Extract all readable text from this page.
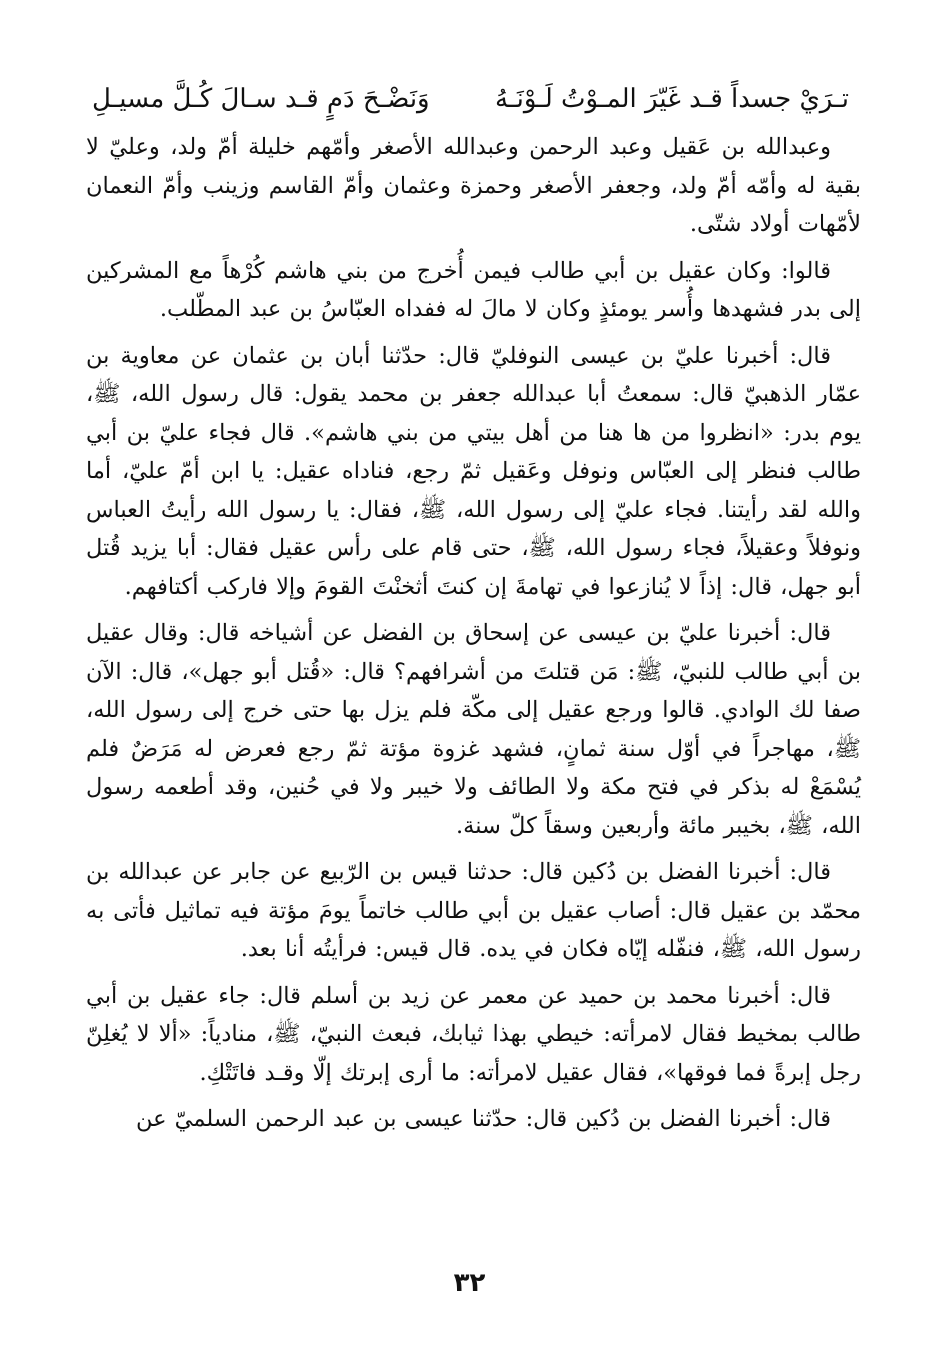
تـرَيْ جسداً قـد غَيّرَ المـوْتُ لَـوْنَـهُ
وَنَضْـحَ دَمٍ قـد سـالَ كُـلَّ مسيـلِ

وعبدالله بن عَقيل وعبد الرحمن وعبدالله الأصغر وأمّهم خليلة أمّ ولد، وعليّ لا بقية له وأمّه أمّ ولد، وجعفر الأصغر وحمزة وعثمان وأمّ القاسم وزينب وأمّ النعمان لأمّهات أولاد شتّى.

قالوا: وكان عقيل بن أبي طالب فيمن أُخرج من بني هاشم كُرْهاً مع المشركين إلى بدر فشهدها وأُسر يومئذٍ وكان لا مالَ له ففداه العبّاسُ بن عبد المطّلب.

قال: أخبرنا عليّ بن عيسى النوفليّ قال: حدّثنا أبان بن عثمان عن معاوية بن عمّار الذهبيّ قال: سمعتُ أبا عبدالله جعفر بن محمد يقول: قال رسول الله، ﷺ، يوم بدر: «انظروا من ها هنا من أهل بيتي من بني هاشم». قال فجاء عليّ بن أبي طالب فنظر إلى العبّاس ونوفل وعَقيل ثمّ رجع، فناداه عقيل: يا ابن أمّ عليّ، أما والله لقد رأيتنا. فجاء عليّ إلى رسول الله، ﷺ، فقال: يا رسول الله رأيتُ العباس ونوفلاً وعقيلاً، فجاء رسول الله، ﷺ، حتى قام على رأس عقيل فقال: أبا يزيد قُتل أبو جهل، قال: إذاً لا يُنازعوا في تهامةَ إن كنتَ أثخنْتَ القومَ وإلا فاركب أكتافهم.

قال: أخبرنا عليّ بن عيسى عن إسحاق بن الفضل عن أشياخه قال: وقال عقيل بن أبي طالب للنبيّ، ﷺ: مَن قتلتَ من أشرافهم؟ قال: «قُتل أبو جهل»، قال: الآن صفا لك الوادي. قالوا ورجع عقيل إلى مكّة فلم يزل بها حتى خرج إلى رسول الله، ﷺ، مهاجراً في أوّل سنة ثمانٍ، فشهد غزوة مؤتة ثمّ رجع فعرض له مَرَضٌ فلم يُسْمَعْ له بذكر في فتح مكة ولا الطائف ولا خيبر ولا في حُنين، وقد أطعمه رسول الله، ﷺ، بخيبر مائة وأربعين وسقاً كلّ سنة.

قال: أخبرنا الفضل بن دُكين قال: حدثنا قيس بن الرّبيع عن جابر عن عبدالله بن محمّد بن عقيل قال: أصاب عقيل بن أبي طالب خاتماً يومَ مؤتة فيه تماثيل فأتى به رسول الله، ﷺ، فنفّله إيّاه فكان في يده. قال قيس: فرأيتُه أنا بعد.

قال: أخبرنا محمد بن حميد عن معمر عن زيد بن أسلم قال: جاء عقيل بن أبي طالب بمخيط فقال لامرأته: خيطي بهذا ثيابك، فبعث النبيّ، ﷺ، منادياً: «ألا لا يُغلِنّ رجل إبرةً فما فوقها»، فقال عقيل لامرأته: ما أرى إبرتك إلّا وقـد فاتَتْكِ.

قال: أخبرنا الفضل بن دُكين قال: حدّثنا عيسى بن عبد الرحمن السلميّ عن

٣٢
